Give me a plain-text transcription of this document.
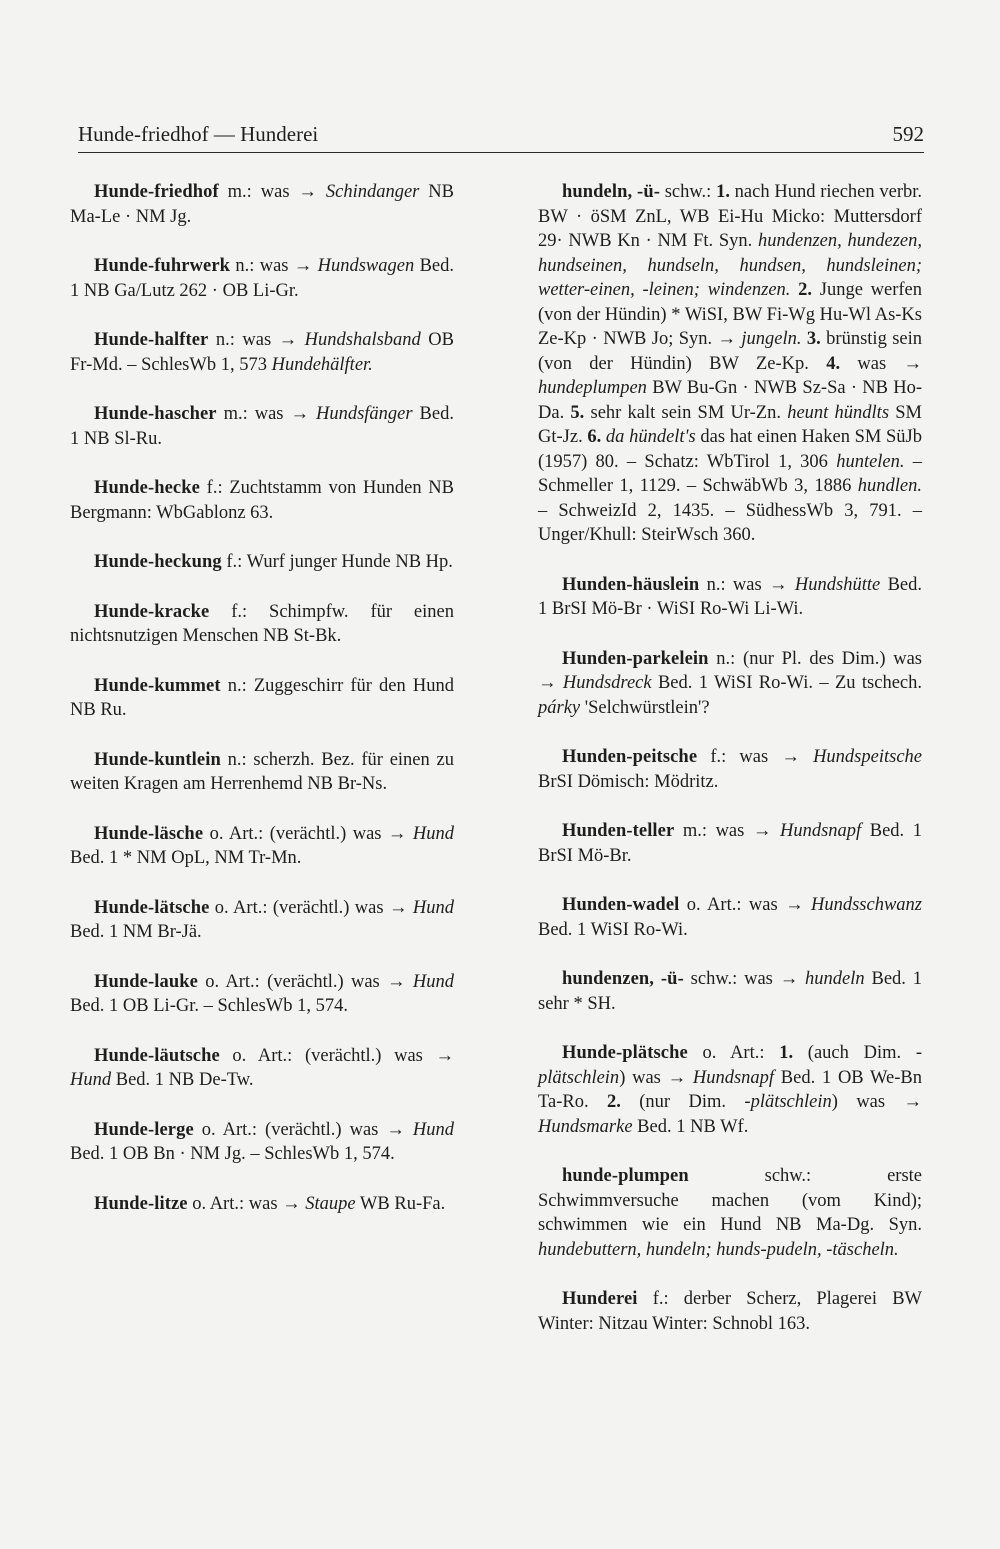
Hunde-friedhof — Hunderei	592

Hunde-friedhof m.: was → Schindanger NB Ma-Le · NM Jg.

Hunde-fuhrwerk n.: was → Hundswagen Bed. 1 NB Ga/Lutz 262 · OB Li-Gr.

Hunde-halfter n.: was → Hundshalsband OB Fr-Md. – SchlesWb 1, 573 Hundehälfter.

Hunde-hascher m.: was → Hundsfänger Bed. 1 NB Sl-Ru.

Hunde-hecke f.: Zuchtstamm von Hunden NB Bergmann: WbGablonz 63.

Hunde-heckung f.: Wurf junger Hunde NB Hp.

Hunde-kracke f.: Schimpfw. für einen nichtsnutzigen Menschen NB St-Bk.

Hunde-kummet n.: Zuggeschirr für den Hund NB Ru.

Hunde-kuntlein n.: scherzh. Bez. für einen zu weiten Kragen am Herrenhemd NB Br-Ns.

Hunde-läsche o. Art.: (verächtl.) was → Hund Bed. 1 * NM OpL, NM Tr-Mn.

Hunde-lätsche o. Art.: (verächtl.) was → Hund Bed. 1 NM Br-Jä.

Hunde-lauke o. Art.: (verächtl.) was → Hund Bed. 1 OB Li-Gr. – SchlesWb 1, 574.

Hunde-läutsche o. Art.: (verächtl.) was → Hund Bed. 1 NB De-Tw.

Hunde-lerge o. Art.: (verächtl.) was → Hund Bed. 1 OB Bn · NM Jg. – SchlesWb 1, 574.

Hunde-litze o. Art.: was → Staupe WB Ru-Fa.

hundeln, -ü- schw.: 1. nach Hund riechen verbr. BW · öSM ZnL, WB Ei-Hu Micko: Muttersdorf 29· NWB Kn · NM Ft. Syn. hundenzen, hundezen, hundseinen, hundseln, hundsen, hundsleinen; wetter-einen, -leinen; windenzen. 2. Junge werfen (von der Hündin) * WiSI, BW Fi-Wg Hu-Wl As-Ks Ze-Kp · NWB Jo; Syn. → jungeln. 3. brünstig sein (von der Hündin) BW Ze-Kp. 4. was → hundeplumpen BW Bu-Gn · NWB Sz-Sa · NB Ho-Da. 5. sehr kalt sein SM Ur-Zn. heunt hündlts SM Gt-Jz. 6. da hündelt's das hat einen Haken SM SüJb (1957) 80. – Schatz: WbTirol 1, 306 huntelen. – Schmeller 1, 1129. – SchwäbWb 3, 1886 hundlen. – SchweizId 2, 1435. – SüdhessWb 3, 791. – Unger/Khull: SteirWsch 360.

Hunden-häuslein n.: was → Hundshütte Bed. 1 BrSI Mö-Br · WiSI Ro-Wi Li-Wi.

Hunden-parkelein n.: (nur Pl. des Dim.) was → Hundsdreck Bed. 1 WiSI Ro-Wi. – Zu tschech. párky 'Selchwürstlein'?

Hunden-peitsche f.: was → Hundspeitsche BrSI Dömisch: Mödritz.

Hunden-teller m.: was → Hundsnapf Bed. 1 BrSI Mö-Br.

Hunden-wadel o. Art.: was → Hundsschwanz Bed. 1 WiSI Ro-Wi.

hundenzen, -ü- schw.: was → hundeln Bed. 1 sehr * SH.

Hunde-plätsche o. Art.: 1. (auch Dim. -plätschlein) was → Hundsnapf Bed. 1 OB We-Bn Ta-Ro. 2. (nur Dim. -plätschlein) was → Hundsmarke Bed. 1 NB Wf.

hunde-plumpen schw.: erste Schwimmversuche machen (vom Kind); schwimmen wie ein Hund NB Ma-Dg. Syn. hundebuttern, hundeln; hunds-pudeln, -täscheln.

Hunderei f.: derber Scherz, Plagerei BW Winter: Nitzau Winter: Schnobl 163.
